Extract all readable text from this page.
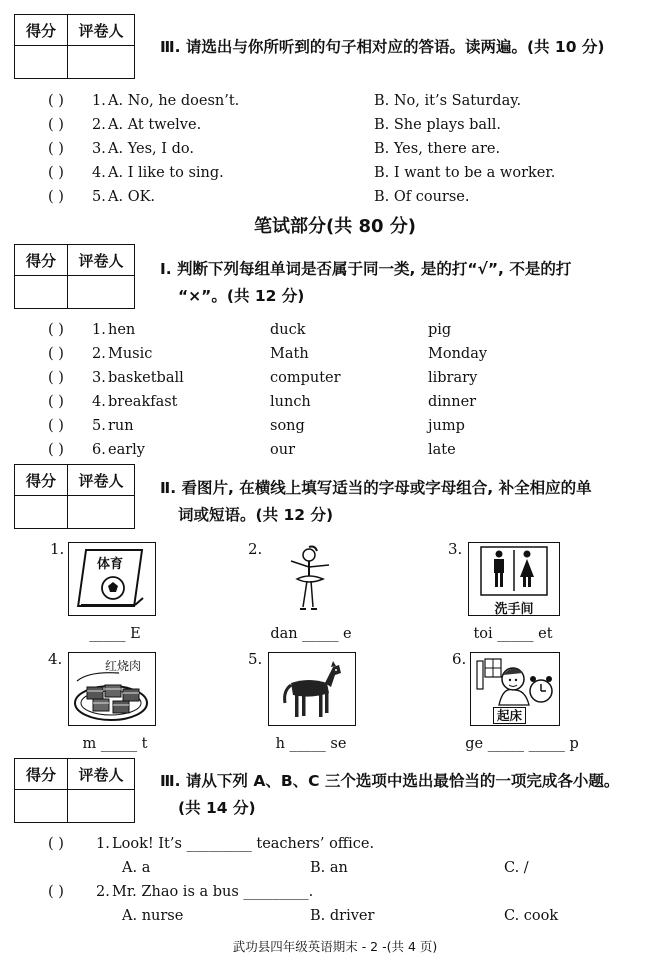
得分	评卷人

Ⅲ. 请选出与你所听到的句子相对应的答语。读两遍。(共 10 分)
( ) 1. A. No, he doesn’t.	B. No, it’s Saturday.
( ) 2. A. At twelve.	B. She plays ball.
( ) 3. A. Yes, I do.	B. Yes, there are.
( ) 4. A. I like to sing.	B. I want to be a worker.
( ) 5. A. OK.	B. Of course.
笔试部分(共 80 分)
得分	评卷人
	Ⅰ. 判断下列每组单词是否属于同一类, 是的打“√”, 不是的打
“×”。(共 12 分)
( ) 1. hen	duck	pig
( ) 2. Music	Math	Monday
( ) 3. basketball	computer	library
( ) 4. breakfast	lunch	dinner
( ) 5. run	song	jump
( ) 6. early	our	late
得分	评卷人
	Ⅱ. 看图片, 在横线上填写适当的字母或字母组合, 补全相应的单
词或短语。(共 12 分)
1.
体育
_____ E
2.
dan _____ e
3.
洗手间
toi _____ et
4.	红烧肉
m _____ t
5.
h _____ se
6.
起床
ge _____ _____ p
得分	评卷人
	Ⅲ. 请从下列 A、B、C 三个选项中选出最恰当的一项完成各小题。
(共 14 分)
( ) 1. Look! It’s _________ teachers’ office.
A. a	B. an	C. /
( ) 2. Mr. Zhao is a bus _________.
A. nurse	B. driver	C. cook
武功县四年级英语期末 - 2 -(共 4 页)
